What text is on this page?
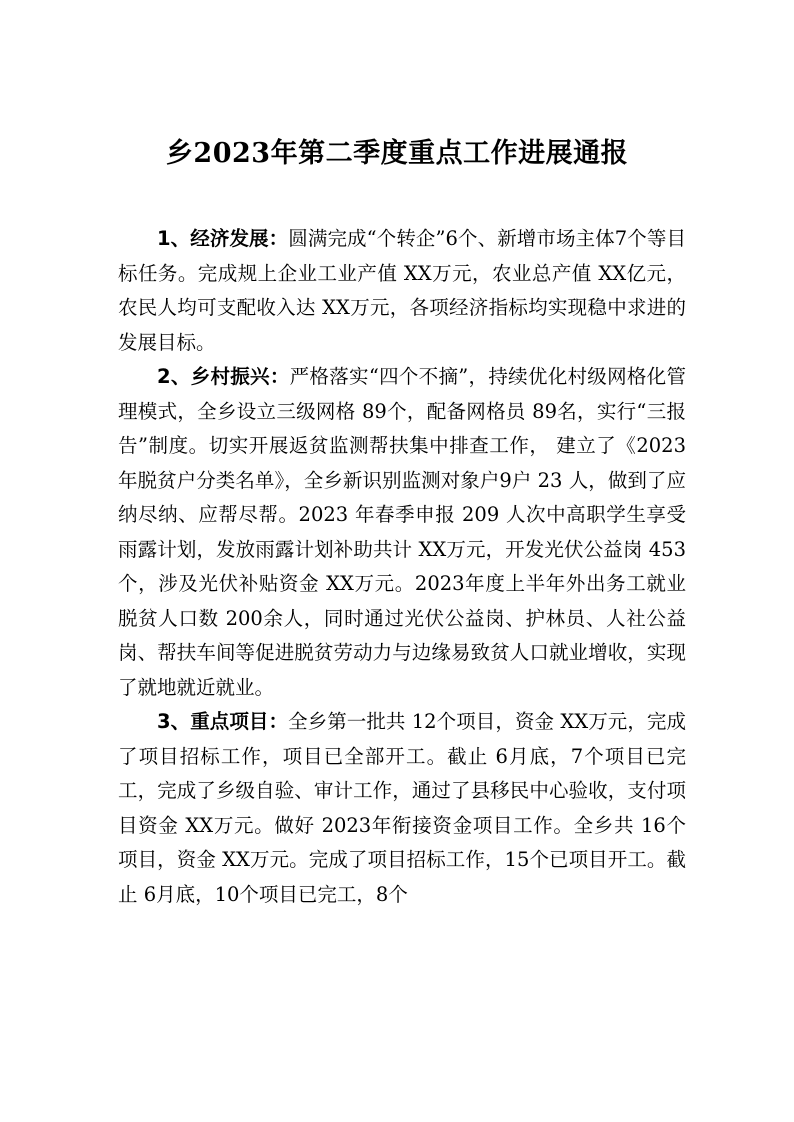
乡2023年第二季度重点工作进展通报

1、经济发展：圆满完成“个转企”6个、新增市场主体7个等目标任务。完成规上企业工业产值 XX万元，农业总产值 XX亿元，农民人均可支配收入达 XX万元，各项经济指标均实现稳中求进的发展目标。

2、乡村振兴：严格落实“四个不摘”，持续优化村级网格化管理模式，全乡设立三级网格 89个，配备网格员 89名，实行“三报告”制度。切实开展返贫监测帮扶集中排查工作， 建立了《2023 年脱贫户分类名单》，全乡新识别监测对象户9户 23 人，做到了应纳尽纳、应帮尽帮。2023 年春季申报 209 人次中高职学生享受雨露计划，发放雨露计划补助共计 XX万元，开发光伏公益岗 453个，涉及光伏补贴资金 XX万元。2023年度上半年外出务工就业脱贫人口数 200余人，同时通过光伏公益岗、护林员、人社公益岗、帮扶车间等促进脱贫劳动力与边缘易致贫人口就业增收，实现了就地就近就业。

3、重点项目：全乡第一批共 12个项目，资金 XX万元，完成了项目招标工作，项目已全部开工。截止 6月底，7个项目已完工，完成了乡级自验、审计工作，通过了县移民中心验收，支付项目资金 XX万元。做好 2023年衔接资金项目工作。全乡共 16个项目，资金 XX万元。完成了项目招标工作，15个已项目开工。截止 6月底，10个项目已完工，8个
